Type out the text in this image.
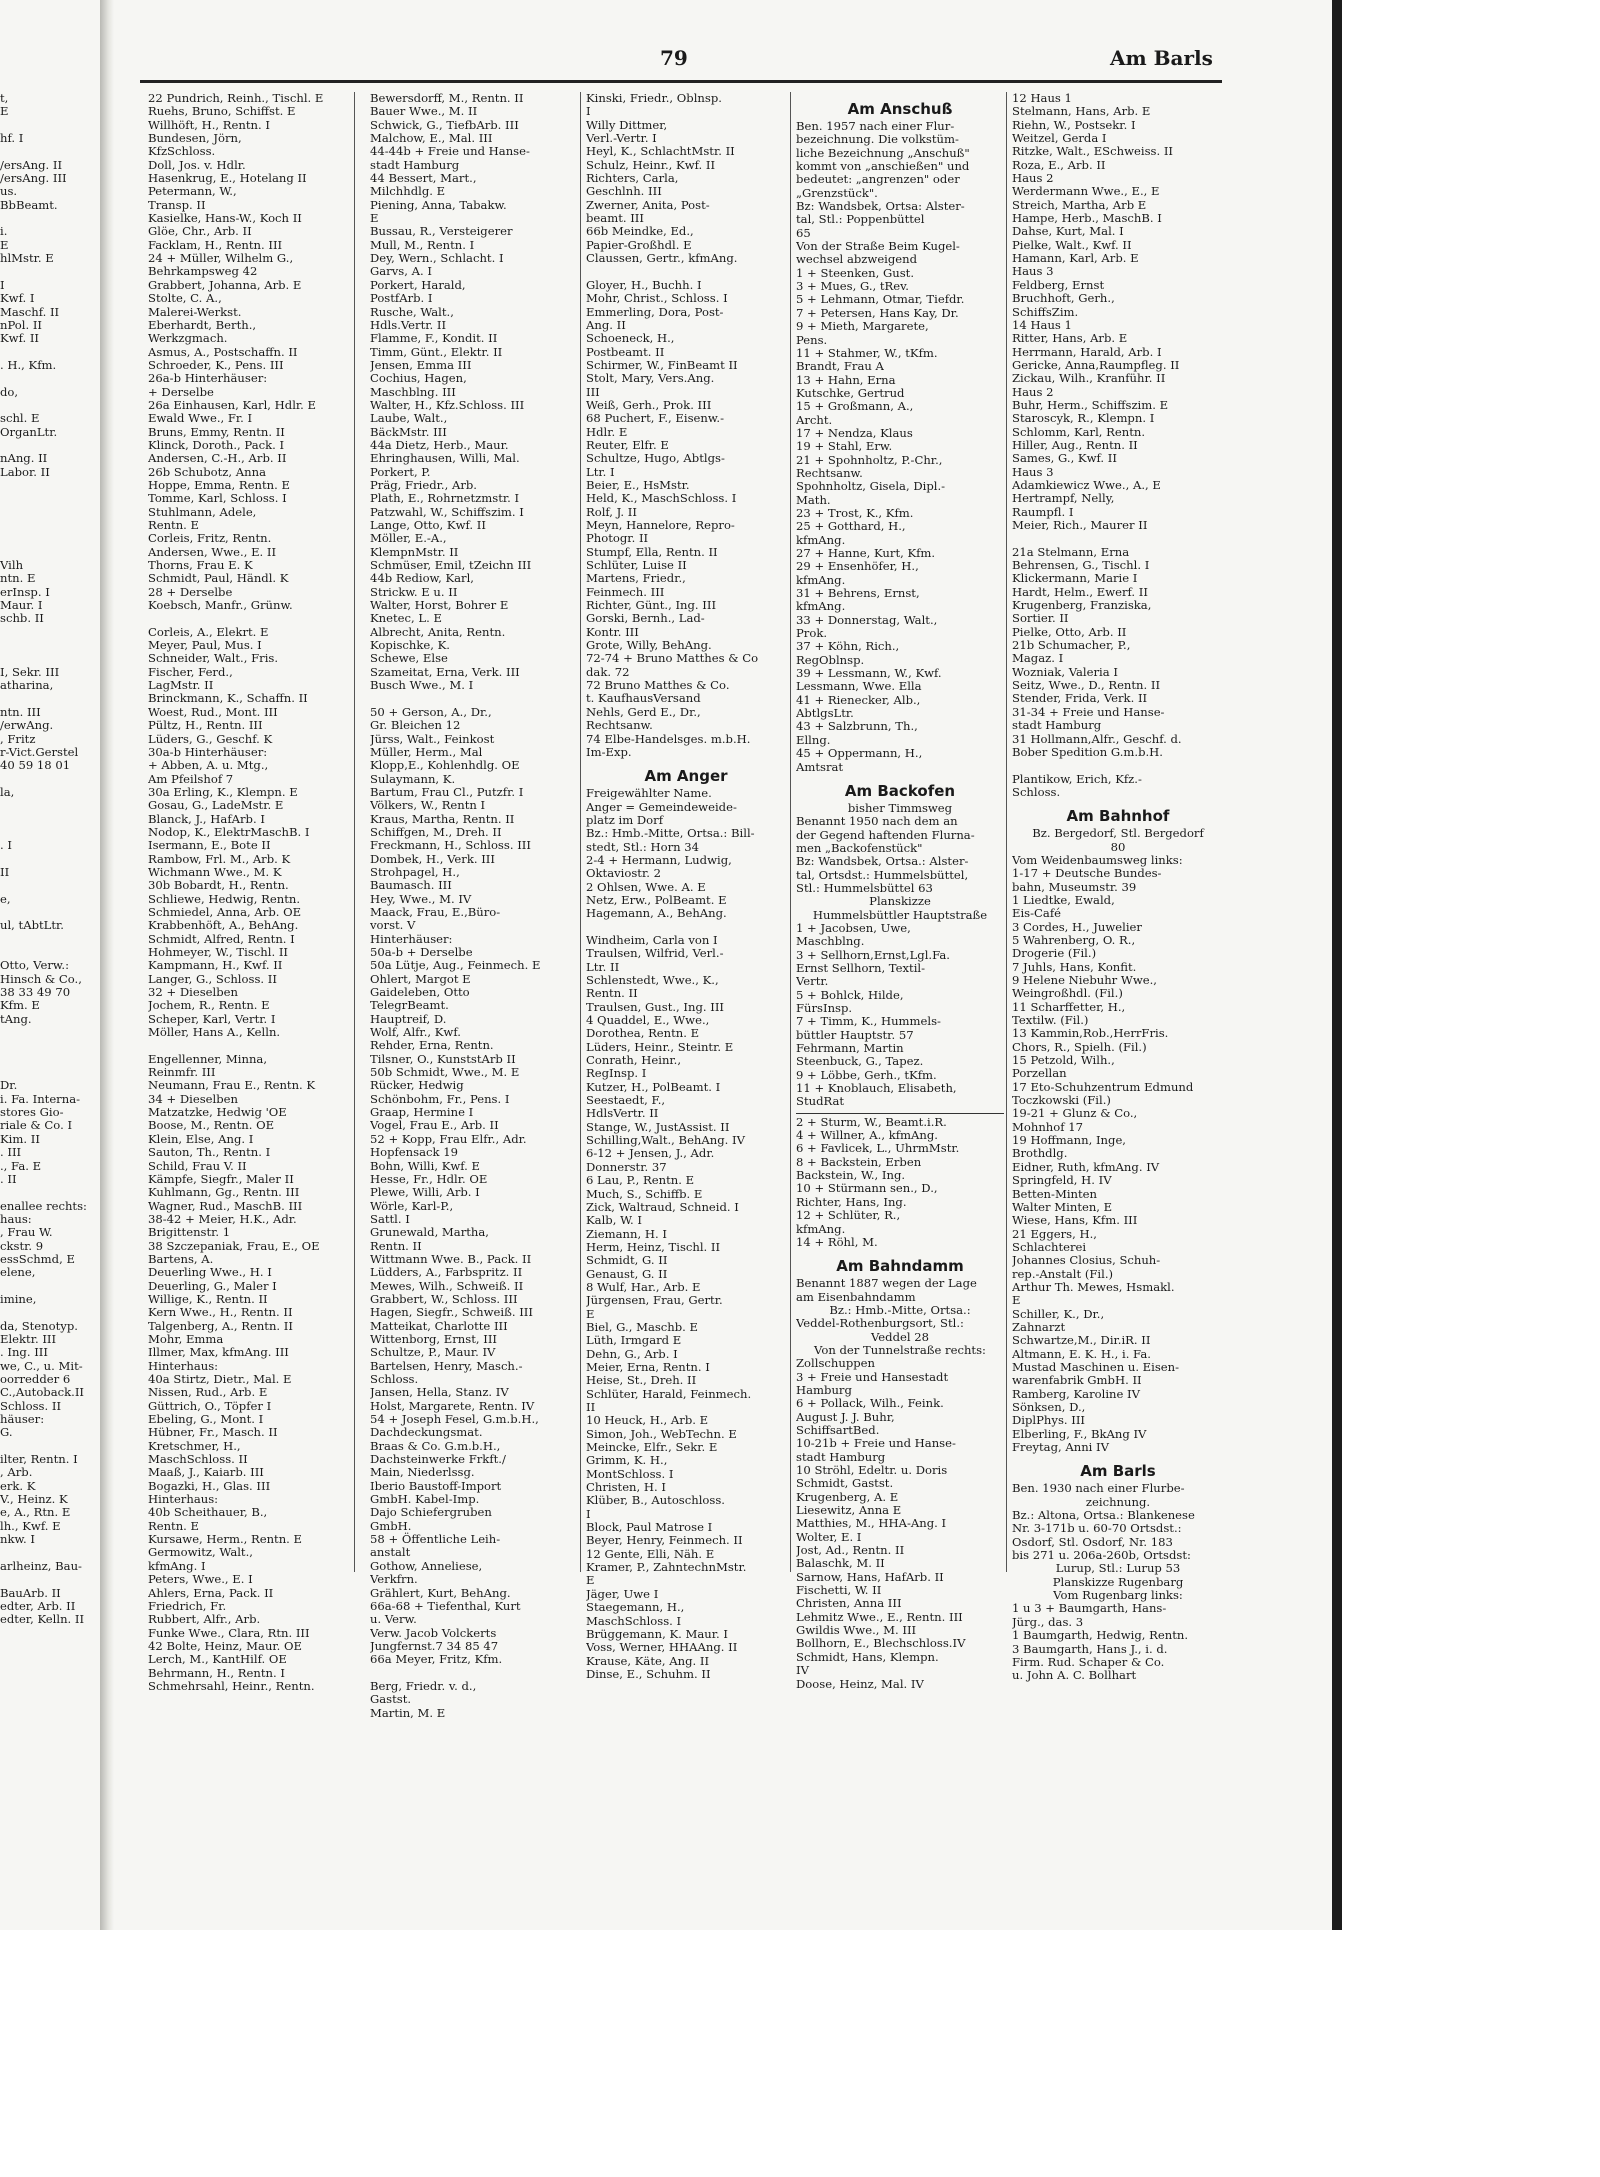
79	Am Barls
t,
E
hf. I
/ersAng. II
/ersAng. III
us.
BbBeamt.
i.
E
hlMstr. E
I
Kwf. I
Maschf. II
nPol. II
Kwf. II
. H., Kfm.
do,
schl. E
OrganLtr.
nAng. II
Labor. II
Vilh
ntn. E
erInsp. I
Maur. I
schb. II
I, Sekr. III
atharina,
ntn. III
/erwAng.
, Fritz
r-Vict.Gerstel
40 59 18 01
la,
. I
II
e,
ul, tAbtLtr.
Otto, Verw.:
Hinsch & Co.,
38 33 49 70
Kfm. E
tAng.
Dr.
i. Fa. Interna-
stores Gio-
riale & Co. I
Kim. II
. III
., Fa. E
. II
enallee rechts:
haus:
, Frau W.
ckstr. 9
essSchmd, E
elene,
imine,
da, Stenotyp.
Elektr. III
. Ing. III
we, C., u. Mit-
oorredder 6
C.,Autoback.II
Schloss. II
häuser:
G.
ilter, Rentn. I
, Arb.
erk. K
V., Heinz. K
e, A., Rtn. E
lh., Kwf. E
nkw. I
arlheinz, Bau-
BauArb. II
edter, Arb. II
edter, Kelln. II
22 Pundrich, Reinh., Tischl. E
Ruehs, Bruno, Schiffst. E
Willhöft, H., Rentn. I
Bundesen, Jörn,
KfzSchloss.
Doll, Jos. v. Hdlr.
Hasenkrug, E., Hotelang II
Petermann, W.,
Transp. II
Kasielke, Hans-W., Koch II
Glöe, Chr., Arb. II
Facklam, H., Rentn. III
24 + Müller, Wilhelm G.,
Behrkampsweg 42
Grabbert, Johanna, Arb. E
Stolte, C. A.,
Malerei-Werkst.
Eberhardt, Berth.,
Werkzgmach.
Asmus, A., Postschaffn. II
Schroeder, K., Pens. III
26a-b Hinterhäuser:
+ Derselbe
26a Einhausen, Karl, Hdlr. E
Ewald Wwe., Fr. I
Bruns, Emmy, Rentn. II
Klinck, Doroth., Pack. I
Andersen, C.-H., Arb. II
26b Schubotz, Anna
Hoppe, Emma, Rentn. E
Tomme, Karl, Schloss. I
Stuhlmann, Adele,
Rentn. E
Corleis, Fritz, Rentn.
Andersen, Wwe., E. II
Thorns, Frau E. K
Schmidt, Paul, Händl. K
28 + Derselbe
Koebsch, Manfr., Grünw.
Corleis, A., Elekrt. E
Meyer, Paul, Mus. I
Schneider, Walt., Fris.
Fischer, Ferd.,
LagMstr. II
Brinckmann, K., Schaffn. II
Woest, Rud., Mont. III
Pültz, H., Rentn. III
Lüders, G., Geschf. K
30a-b Hinterhäuser:
+ Abben, A. u. Mtg.,
Am Pfeilshof 7
30a Erling, K., Klempn. E
Gosau, G., LadeMstr. E
Blanck, J., HafArb. I
Nodop, K., ElektrMaschB. I
Isermann, E., Bote II
Rambow, Frl. M., Arb. K
Wichmann Wwe., M. K
30b Bobardt, H., Rentn.
Schliewe, Hedwig, Rentn.
Schmiedel, Anna, Arb. OE
Krabbenhöft, A., BehAng.
Schmidt, Alfred, Rentn. I
Hohmeyer, W., Tischl. II
Kampmann, H., Kwf. II
Langer, G., Schloss. II
32 + Dieselben
Jochem, R., Rentn. E
Scheper, Karl, Vertr. I
Möller, Hans A., Kelln.
Engellenner, Minna,
Reinmfr. III
Neumann, Frau E., Rentn. K
34 + Dieselben
Matzatzke, Hedwig 'OE
Boose, M., Rentn. OE
Klein, Else, Ang. I
Sauton, Th., Rentn. I
Schild, Frau V. II
Kämpfe, Siegfr., Maler II
Kuhlmann, Gg., Rentn. III
Wagner, Rud., MaschB. III
38-42 + Meier, H.K., Adr.
Brigittenstr. 1
38 Szczepaniak, Frau, E., OE
Bartens, A.
Deuerling Wwe., H. I
Deuerling, G., Maler I
Willige, K., Rentn. II
Kern Wwe., H., Rentn. II
Talgenberg, A., Rentn. II
Mohr, Emma
Illmer, Max, kfmAng. III
Hinterhaus:
40a Stirtz, Dietr., Mal. E
Nissen, Rud., Arb. E
Güttrich, O., Töpfer I
Ebeling, G., Mont. I
Hübner, Fr., Masch. II
Kretschmer, H.,
MaschSchloss. II
Maaß, J., Kaiarb. III
Bogazki, H., Glas. III
Hinterhaus:
40b Scheithauer, B.,
Rentn. E
Kursawe, Herm., Rentn. E
Germowitz, Walt.,
kfmAng. I
Peters, Wwe., E. I
Ahlers, Erna, Pack. II
Friedrich, Fr.
Rubbert, Alfr., Arb.
Funke Wwe., Clara, Rtn. III
42 Bolte, Heinz, Maur. OE
Lerch, M., KantHilf. OE
Behrmann, H., Rentn. I
Schmehrsahl, Heinr., Rentn.
Bewersdorff, M., Rentn. II
Bauer Wwe., M. II
Schwick, G., TiefbArb. III
Malchow, E., Mal. III
44-44b + Freie und Hanse-
stadt Hamburg
44 Bessert, Mart.,
Milchhdlg. E
Piening, Anna, Tabakw.
E
Bussau, R., Versteigerer
Mull, M., Rentn. I
Dey, Wern., Schlacht. I
Garvs, A. I
Porkert, Harald,
PostfArb. I
Rusche, Walt.,
Hdls.Vertr. II
Flamme, F., Kondit. II
Timm, Günt., Elektr. II
Jensen, Emma III
Cochius, Hagen,
Maschblng. III
Walter, H., Kfz.Schloss. III
Laube, Walt.,
BäckMstr. III
44a Dietz, Herb., Maur.
Ehringhausen, Willi, Mal.
Porkert, P.
Präg, Friedr., Arb.
Plath, E., Rohrnetzmstr. I
Patzwahl, W., Schiffszim. I
Lange, Otto, Kwf. II
Möller, E.-A.,
KlempnMstr. II
Schmüser, Emil, tZeichn III
44b Rediow, Karl,
Strickw. E u. II
Walter, Horst, Bohrer E
Knetec, L. E
Albrecht, Anita, Rentn.
Kopischke, K.
Schewe, Else
Szameitat, Erna, Verk. III
Busch Wwe., M. I
50 + Gerson, A., Dr.,
Gr. Bleichen 12
Jürss, Walt., Feinkost
Müller, Herm., Mal
Klopp,E., Kohlenhdlg. OE
Sulaymann, K.
Bartum, Frau Cl., Putzfr. I
Völkers, W., Rentn I
Kraus, Martha, Rentn. II
Schiffgen, M., Dreh. II
Freckmann, H., Schloss. III
Dombek, H., Verk. III
Strohpagel, H.,
Baumasch. III
Hey, Wwe., M. IV
Maack, Frau, E.,Büro-
vorst. V
Hinterhäuser:
50a-b + Derselbe
50a Lütje, Aug., Feinmech. E
Ohlert, Margot E
Gaideleben, Otto
TelegrBeamt.
Hauptreif, D.
Wolf, Alfr., Kwf.
Rehder, Erna, Rentn.
Tilsner, O., KunststArb II
50b Schmidt, Wwe., M. E
Rücker, Hedwig
Schönbohm, Fr., Pens. I
Graap, Hermine I
Vogel, Frau E., Arb. II
52 + Kopp, Frau Elfr., Adr.
Hopfensack 19
Bohn, Willi, Kwf. E
Hesse, Fr., Hdlr. OE
Plewe, Willi, Arb. I
Wörle, Karl-P.,
Sattl. I
Grunewald, Martha,
Rentn. II
Wittmann Wwe. B., Pack. II
Lüdders, A., Farbspritz. II
Mewes, Wilh., Schweiß. II
Grabbert, W., Schloss. III
Hagen, Siegfr., Schweiß. III
Matteikat, Charlotte III
Wittenborg, Ernst, III
Schultze, P., Maur. IV
Bartelsen, Henry, Masch.-
Schloss.
Jansen, Hella, Stanz. IV
Holst, Margarete, Rentn. IV
54 + Joseph Fesel, G.m.b.H.,
Dachdeckungsmat.
Braas & Co. G.m.b.H.,
Dachsteinwerke Frkft./
Main, Niederlssg.
Iberio Baustoff-Import
GmbH. Kabel-Imp.
Dajo Schiefergruben
GmbH.
58 + Öffentliche Leih-
anstalt
Gothow, Anneliese,
Verkfrn.
Grählert, Kurt, BehAng.
66a-68 + Tiefenthal, Kurt
u. Verw.
Verw. Jacob Volckerts
Jungfernst.7 34 85 47
66a Meyer, Fritz, Kfm.
Berg, Friedr. v. d.,
Gastst.
Martin, M. E
Kinski, Friedr., Oblnsp.
I
Willy Dittmer,
Verl.-Vertr. I
Heyl, K., SchlachtMstr. II
Schulz, Heinr., Kwf. II
Richters, Carla,
Geschlnh. III
Zwerner, Anita, Post-
beamt. III
66b Meindke, Ed.,
Papier-Großhdl. E
Claussen, Gertr., kfmAng.
Gloyer, H., Buchh. I
Mohr, Christ., Schloss. I
Emmerling, Dora, Post-
Ang. II
Schoeneck, H.,
Postbeamt. II
Schirmer, W., FinBeamt II
Stolt, Mary, Vers.Ang.
III
Weiß, Gerh., Prok. III
68 Puchert, F., Eisenw.-
Hdlr. E
Reuter, Elfr. E
Schultze, Hugo, Abtlgs-
Ltr. I
Beier, E., HsMstr.
Held, K., MaschSchloss. I
Rolf, J. II
Meyn, Hannelore, Repro-
Photogr. II
Stumpf, Ella, Rentn. II
Schlüter, Luise II
Martens, Friedr.,
Feinmech. III
Richter, Günt., Ing. III
Gorski, Bernh., Lad-
Kontr. III
Grote, Willy, BehAng.
72-74 + Bruno Matthes & Co
dak. 72
72 Bruno Matthes & Co.
t. KaufhausVersand
Nehls, Gerd E., Dr.,
Rechtsanw.
74 Elbe-Handelsges. m.b.H.
Im-Exp.
Am Anger
Freigewählter Name.
Anger = Gemeindeweide-
platz im Dorf
Bz.: Hmb.-Mitte, Ortsa.: Bill-
stedt, Stl.: Horn 34
2-4 + Hermann, Ludwig,
Oktaviostr. 2
2 Ohlsen, Wwe. A. E
Netz, Erw., PolBeamt. E
Hagemann, A., BehAng.
Windheim, Carla von I
Traulsen, Wilfrid, Verl.-
Ltr. II
Schlenstedt, Wwe., K.,
Rentn. II
Traulsen, Gust., Ing. III
4 Quaddel, E., Wwe.,
Dorothea, Rentn. E
Lüders, Heinr., Steintr. E
Conrath, Heinr.,
RegInsp. I
Kutzer, H., PolBeamt. I
Seestaedt, F.,
HdlsVertr. II
Stange, W., JustAssist. II
Schilling,Walt., BehAng. IV
6-12 + Jensen, J., Adr.
Donnerstr. 37
6 Lau, P., Rentn. E
Much, S., Schiffb. E
Zick, Waltraud, Schneid. I
Kalb, W. I
Ziemann, H. I
Herm, Heinz, Tischl. II
Schmidt, G. II
Genaust, G. II
8 Wulf, Har., Arb. E
Jürgensen, Frau, Gertr.
E
Biel, G., Maschb. E
Lüth, Irmgard E
Dehn, G., Arb. I
Meier, Erna, Rentn. I
Heise, St., Dreh. II
Schlüter, Harald, Feinmech.
II
10 Heuck, H., Arb. E
Simon, Joh., WebTechn. E
Meincke, Elfr., Sekr. E
Grimm, K. H.,
MontSchloss. I
Christen, H. I
Klüber, B., Autoschloss.
I
Block, Paul Matrose I
Beyer, Henry, Feinmech. II
12 Gente, Elli, Näh. E
Kramer, P., ZahntechnMstr.
E
Jäger, Uwe I
Staegemann, H.,
MaschSchloss. I
Brüggemann, K. Maur. I
Voss, Werner, HHAAng. II
Krause, Käte, Ang. II
Dinse, E., Schuhm. II
Am Anschuß
Ben. 1957 nach einer Flur-
bezeichnung. Die volkstüm-
liche Bezeichnung „Anschuß"
kommt von „anschießen" und
bedeutet: „angrenzen" oder
„Grenzstück".
Bz: Wandsbek, Ortsa: Alster-
tal, Stl.: Poppenbüttel
65
Von der Straße Beim Kugel-
wechsel abzweigend
1 + Steenken, Gust.
3 + Mues, G., tRev.
5 + Lehmann, Otmar, Tiefdr.
7 + Petersen, Hans Kay, Dr.
9 + Mieth, Margarete,
Pens.
11 + Stahmer, W., tKfm.
Brandt, Frau A
13 + Hahn, Erna
Kutschke, Gertrud
15 + Großmann, A.,
Archt.
17 + Nendza, Klaus
19 + Stahl, Erw.
21 + Spohnholtz, P.-Chr.,
Rechtsanw.
Spohnholtz, Gisela, Dipl.-
Math.
23 + Trost, K., Kfm.
25 + Gotthard, H.,
kfmAng.
27 + Hanne, Kurt, Kfm.
29 + Ensenhöfer, H.,
kfmAng.
31 + Behrens, Ernst,
kfmAng.
33 + Donnerstag, Walt.,
Prok.
37 + Köhn, Rich.,
RegOblnsp.
39 + Lessmann, W., Kwf.
Lessmann, Wwe. Ella
41 + Rienecker, Alb.,
AbtlgsLtr.
43 + Salzbrunn, Th.,
Ellng.
45 + Oppermann, H.,
Amtsrat
Am Backofen
bisher Timmsweg
Benannt 1950 nach dem an
der Gegend haftenden Flurna-
men „Backofenstück"
Bz: Wandsbek, Ortsa.: Alster-
tal, Ortsdst.: Hummelsbüttel,
Stl.: Hummelsbüttel 63
Planskizze
Hummelsbüttler Hauptstraße
1 + Jacobsen, Uwe,
Maschblng.
3 + Sellhorn,Ernst,Lgl.Fa.
Ernst Sellhorn, Textil-
Vertr.
5 + Bohlck, Hilde,
FürsInsp.
7 + Timm, K., Hummels-
büttler Hauptstr. 57
Fehrmann, Martin
Steenbuck, G., Tapez.
9 + Löbbe, Gerh., tKfm.
11 + Knoblauch, Elisabeth,
StudRat
2 + Sturm, W., Beamt.i.R.
4 + Willner, A., kfmAng.
6 + Favlicek, L., UhrmMstr.
8 + Backstein, Erben
Backstein, W., Ing.
10 + Stürmann sen., D.,
Richter, Hans, Ing.
12 + Schlüter, R.,
kfmAng.
14 + Röhl, M.
Am Bahndamm
Benannt 1887 wegen der Lage
am Eisenbahndamm
Bz.: Hmb.-Mitte, Ortsa.:
Veddel-Rothenburgsort, Stl.:
Veddel 28
Von der Tunnelstraße rechts:
Zollschuppen
3 + Freie und Hansestadt
Hamburg
6 + Pollack, Wilh., Feink.
August J. J. Buhr,
SchiffsartBed.
10-21b + Freie und Hanse-
stadt Hamburg
10 Ströhl, Edeltr. u. Doris
Schmidt, Gastst.
Krugenberg, A. E
Liesewitz, Anna E
Matthies, M., HHA-Ang. I
Wolter, E. I
Jost, Ad., Rentn. II
Balaschk, M. II
Sarnow, Hans, HafArb. II
Fischetti, W. II
Christen, Anna III
Lehmitz Wwe., E., Rentn. III
Gwildis Wwe., M. III
Bollhorn, E., Blechschloss.IV
Schmidt, Hans, Klempn.
IV
Doose, Heinz, Mal. IV
12 Haus 1
Stelmann, Hans, Arb. E
Riehn, W., Postsekr. I
Weitzel, Gerda I
Ritzke, Walt., ESchweiss. II
Roza, E., Arb. II
Haus 2
Werdermann Wwe., E., E
Streich, Martha, Arb E
Hampe, Herb., MaschB. I
Dahse, Kurt, Mal. I
Pielke, Walt., Kwf. II
Hamann, Karl, Arb. E
Haus 3
Feldberg, Ernst
Bruchhoft, Gerh.,
SchiffsZim.
14 Haus 1
Ritter, Hans, Arb. E
Herrmann, Harald, Arb. I
Gericke, Anna,Raumpfleg. II
Zickau, Wilh., Kranführ. II
Haus 2
Buhr, Herm., Schiffszim. E
Staroscyk, R., Klempn. I
Schlomm, Karl, Rentn.
Hiller, Aug., Rentn. II
Sames, G., Kwf. II
Haus 3
Adamkiewicz Wwe., A., E
Hertrampf, Nelly,
Raumpfl. I
Meier, Rich., Maurer II
21a Stelmann, Erna
Behrensen, G., Tischl. I
Klickermann, Marie I
Hardt, Helm., Ewerf. II
Krugenberg, Franziska,
Sortier. II
Pielke, Otto, Arb. II
21b Schumacher, P.,
Magaz. I
Wozniak, Valeria I
Seitz, Wwe., D., Rentn. II
Stender, Frida, Verk. II
31-34 + Freie und Hanse-
stadt Hamburg
31 Hollmann,Alfr., Geschf. d.
Bober Spedition G.m.b.H.
Plantikow, Erich, Kfz.-
Schloss.
Am Bahnhof
Bz. Bergedorf, Stl. Bergedorf
80
Vom Weidenbaumsweg links:
1-17 + Deutsche Bundes-
bahn, Museumstr. 39
1 Liedtke, Ewald,
Eis-Café
3 Cordes, H., Juwelier
5 Wahrenberg, O. R.,
Drogerie (Fil.)
7 Juhls, Hans, Konfit.
9 Helene Niebuhr Wwe.,
Weingroßhdl. (Fil.)
11 Scharffetter, H.,
Textilw. (Fil.)
13 Kammin,Rob.,HerrFris.
Chors, R., Spielh. (Fil.)
15 Petzold, Wilh.,
Porzellan
17 Eto-Schuhzentrum Edmund
Toczkowski (Fil.)
19-21 + Glunz & Co.,
Mohnhof 17
19 Hoffmann, Inge,
Brothdlg.
Eidner, Ruth, kfmAng. IV
Springfeld, H. IV
Betten-Minten
Walter Minten, E
Wiese, Hans, Kfm. III
21 Eggers, H.,
Schlachterei
Johannes Closius, Schuh-
rep.-Anstalt (Fil.)
Arthur Th. Mewes, Hsmakl.
E
Schiller, K., Dr.,
Zahnarzt
Schwartze,M., Dir.iR. II
Altmann, E. K. H., i. Fa.
Mustad Maschinen u. Eisen-
warenfabrik GmbH. II
Ramberg, Karoline IV
Sönksen, D.,
DiplPhys. III
Elberling, F., BkAng IV
Freytag, Anni IV
Am Barls
Ben. 1930 nach einer Flurbe-
zeichnung.
Bz.: Altona, Ortsa.: Blankenese
Nr. 3-171b u. 60-70 Ortsdst.:
Osdorf, Stl. Osdorf, Nr. 183
bis 271 u. 206a-260b, Ortsdst:
Lurup, Stl.: Lurup 53
Planskizze Rugenbarg
Vom Rugenbarg links:
1 u 3 + Baumgarth, Hans-
Jürg., das. 3
1 Baumgarth, Hedwig, Rentn.
3 Baumgarth, Hans J., i. d.
Firm. Rud. Schaper & Co.
u. John A. C. Bollhart
